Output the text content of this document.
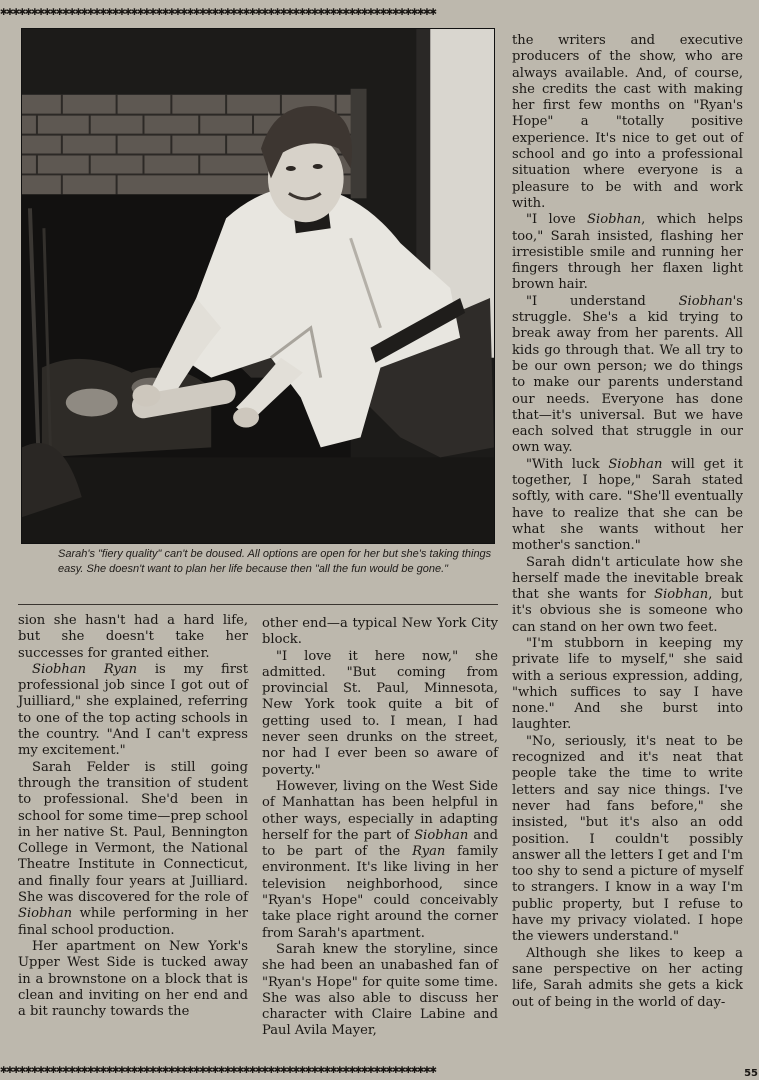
✱✱✱✱✱✱✱✱✱✱✱✱✱✱✱✱✱✱✱✱✱✱✱✱✱✱✱✱✱✱✱✱✱✱✱✱✱✱✱✱✱✱✱✱✱✱✱✱✱✱✱✱✱✱✱✱✱✱✱✱✱✱✱✱✱✱✱✱✱✱
Sarah's "fiery quality" can't be doused. All options are open for her but she's taking things easy. She doesn't want to plan her life because then "all the fun would be gone."

sion she hasn't had a hard life, but she doesn't take her successes for granted either.

Siobhan Ryan is my first professional job since I got out of Juilliard," she explained, referring to one of the top acting schools in the country. "And I can't express my excitement."

Sarah Felder is still going through the transition of student to professional. She'd been in school for some time—prep school in her native St. Paul, Bennington College in Vermont, the National Theatre Institute in Connecticut, and finally four years at Juilliard. She was discovered for the role of Siobhan while performing in her final school production.

Her apartment on New York's Upper West Side is tucked away in a brownstone on a block that is clean and inviting on her end and a bit raunchy towards the

other end—a typical New York City block.

"I love it here now," she admitted. "But coming from provincial St. Paul, Minnesota, New York took quite a bit of getting used to. I mean, I had never seen drunks on the street, nor had I ever been so aware of poverty."

However, living on the West Side of Manhattan has been helpful in other ways, especially in adapting herself for the part of Siobhan and to be part of the Ryan family environment. It's like living in her television neighborhood, since "Ryan's Hope" could conceivably take place right around the corner from Sarah's apartment.

Sarah knew the storyline, since she had been an unabashed fan of "Ryan's Hope" for quite some time. She was also able to discuss her character with Claire Labine and Paul Avila Mayer,

the writers and executive producers of the show, who are always available. And, of course, she credits the cast with making her first few months on "Ryan's Hope" a "totally positive experience. It's nice to get out of school and go into a professional situation where everyone is a pleasure to be with and work with.

"I love Siobhan, which helps too," Sarah insisted, flashing her irresistible smile and running her fingers through her flaxen light brown hair.

"I understand Siobhan's struggle. She's a kid trying to break away from her parents. All kids go through that. We all try to be our own person; we do things to make our parents understand our needs. Everyone has done that—it's universal. But we have each solved that struggle in our own way.

"With luck Siobhan will get it together, I hope," Sarah stated softly, with care. "She'll eventually have to realize that she can be what she wants without her mother's sanction."

Sarah didn't articulate how she herself made the inevitable break that she wants for Siobhan, but it's obvious she is someone who can stand on her own two feet.

"I'm stubborn in keeping my private life to myself," she said with a serious expression, adding, "which suffices to say I have none." And she burst into laughter.

"No, seriously, it's neat to be recognized and it's neat that people take the time to write letters and say nice things. I've never had fans before," she insisted, "but it's also an odd position. I couldn't possibly answer all the letters I get and I'm too shy to send a picture of myself to strangers. I know in a way I'm public property, but I refuse to have my privacy violated. I hope the viewers understand."

Although she likes to keep a sane perspective on her acting life, Sarah admits she gets a kick out of being in the world of day-

✱✱✱✱✱✱✱✱✱✱✱✱✱✱✱✱✱✱✱✱✱✱✱✱✱✱✱✱✱✱✱✱✱✱✱✱✱✱✱✱✱✱✱✱✱✱✱✱✱✱✱✱✱✱✱✱✱✱✱✱✱✱✱✱✱✱✱✱✱✱	55
